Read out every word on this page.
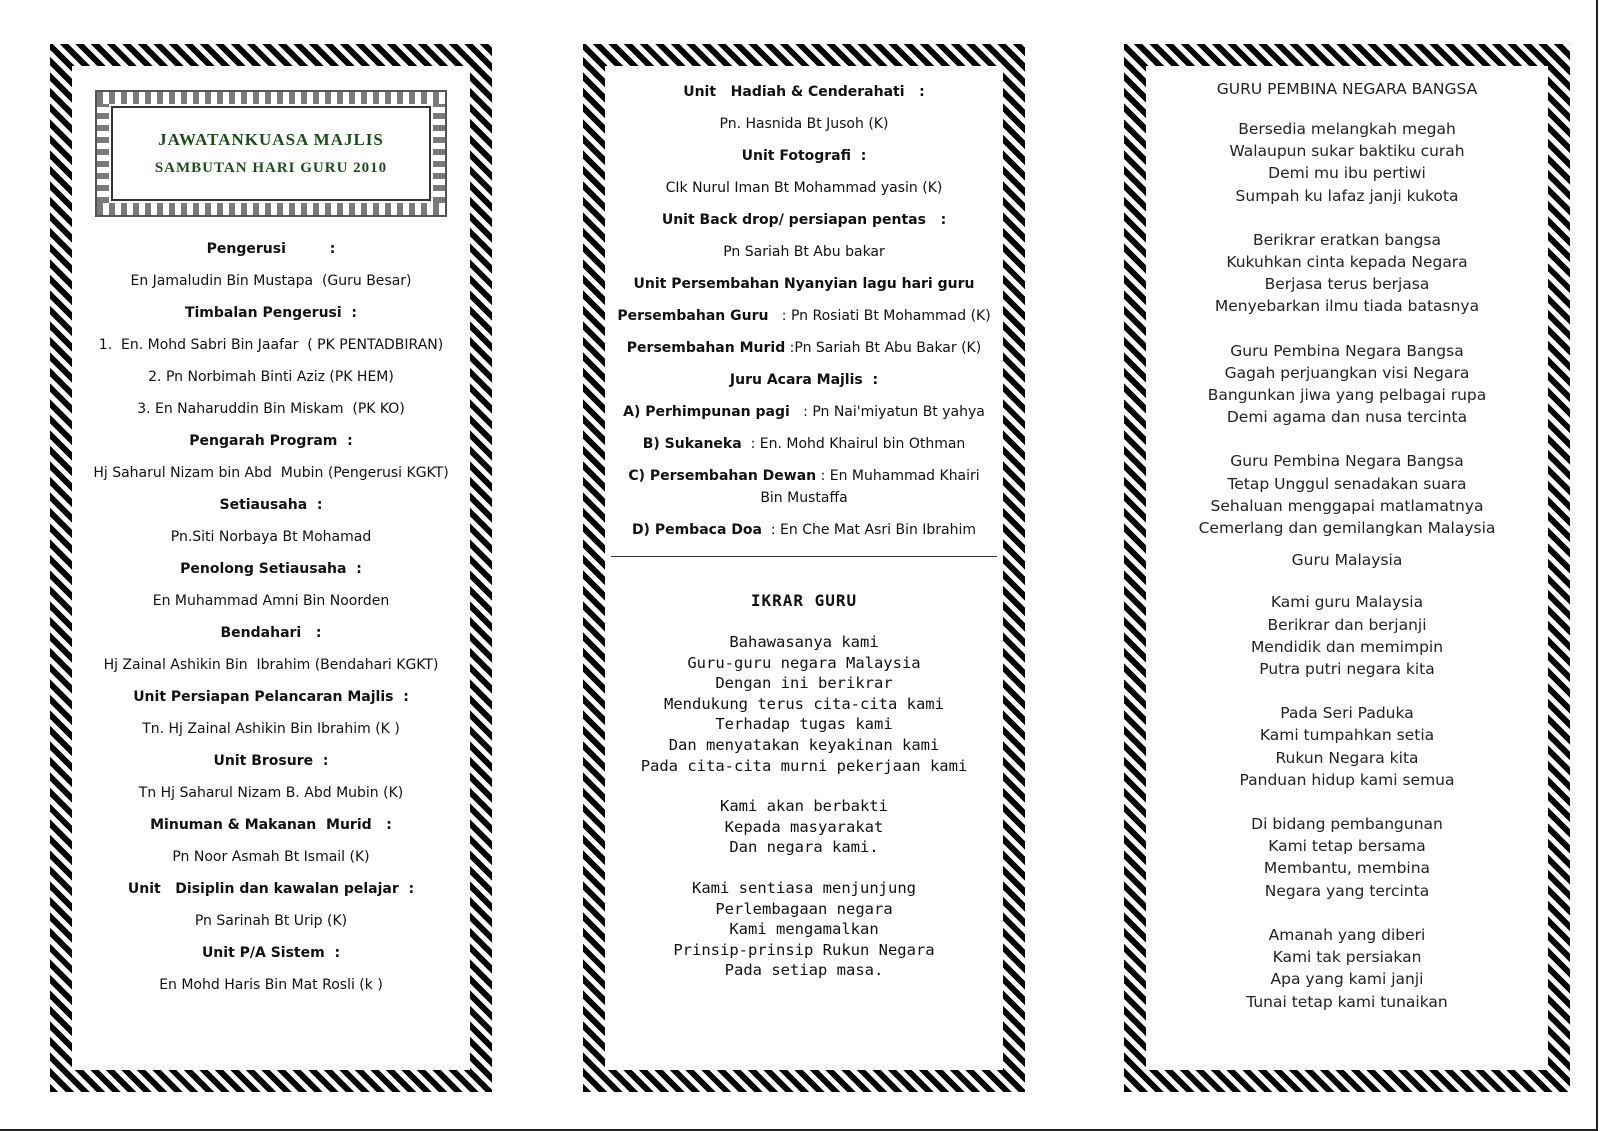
JAWATANKUASA MAJLIS
SAMBUTAN HARI GURU 2010
Pengerusi         :
En Jamaludin Bin Mustapa  (Guru Besar)
Timbalan Pengerusi  :
1.  En. Mohd Sabri Bin Jaafar  ( PK PENTADBIRAN)
2. Pn Norbimah Binti Aziz (PK HEM)
3. En Naharuddin Bin Miskam  (PK KO)
Pengarah Program  :
Hj Saharul Nizam bin Abd  Mubin (Pengerusi KGKT)
Setiausaha  :
Pn.Siti Norbaya Bt Mohamad
Penolong Setiausaha  :
En Muhammad Amni Bin Noorden
Bendahari   :
Hj Zainal Ashikin Bin  Ibrahim (Bendahari KGKT)
Unit Persiapan Pelancaran Majlis  :
Tn. Hj Zainal Ashikin Bin Ibrahim (K )
Unit Brosure  :
Tn Hj Saharul Nizam B. Abd Mubin (K)
Minuman & Makanan  Murid   :
Pn Noor Asmah Bt Ismail (K)
Unit   Disiplin dan kawalan pelajar  :
Pn Sarinah Bt Urip (K)
Unit P/A Sistem  :
En Mohd Haris Bin Mat Rosli (k )
Unit   Hadiah & Cenderahati   :
Pn. Hasnida Bt Jusoh (K)
Unit Fotografi  :
CIk Nurul Iman Bt Mohammad yasin (K)
Unit Back drop/ persiapan pentas   :
Pn Sariah Bt Abu bakar
Unit Persembahan Nyanyian lagu hari guru
Persembahan Guru   : Pn Rosiati Bt Mohammad (K)
Persembahan Murid :Pn Sariah Bt Abu Bakar (K)
Juru Acara Majlis  :
A) Perhimpunan pagi   : Pn Nai'miyatun Bt yahya
B) Sukaneka  : En. Mohd Khairul bin Othman
C) Persembahan Dewan : En Muhammad Khairi Bin Mustaffa
D) Pembaca Doa  : En Che Mat Asri Bin Ibrahim
IKRAR GURU
Bahawasanya kami
Guru-guru negara Malaysia
Dengan ini berikrar
Mendukung terus cita-cita kami
Terhadap tugas kami
Dan menyatakan keyakinan kami
Pada cita-cita murni pekerjaan kami
Kami akan berbakti
Kepada masyarakat
Dan negara kami.
Kami sentiasa menjunjung
Perlembagaan negara
Kami mengamalkan
Prinsip-prinsip Rukun Negara
Pada setiap masa.
GURU PEMBINA NEGARA BANGSA
Bersedia melangkah megah
Walaupun sukar baktiku curah
Demi mu ibu pertiwi
Sumpah ku lafaz janji kukota
Berikrar eratkan bangsa
Kukuhkan cinta kepada Negara
Berjasa terus berjasa
Menyebarkan ilmu tiada batasnya
Guru Pembina Negara Bangsa
Gagah perjuangkan visi Negara
Bangunkan jiwa yang pelbagai rupa
Demi agama dan nusa tercinta
Guru Pembina Negara Bangsa
Tetap Unggul senadakan suara
Sehaluan menggapai matlamatnya
Cemerlang dan gemilangkan Malaysia
Guru Malaysia
Kami guru Malaysia
Berikrar dan berjanji
Mendidik dan memimpin
Putra putri negara kita
Pada Seri Paduka
Kami tumpahkan setia
Rukun Negara kita
Panduan hidup kami semua
Di bidang pembangunan
Kami tetap bersama
Membantu, membina
Negara yang tercinta
Amanah yang diberi
Kami tak persiakan
Apa yang kami janji
Tunai tetap kami tunaikan
